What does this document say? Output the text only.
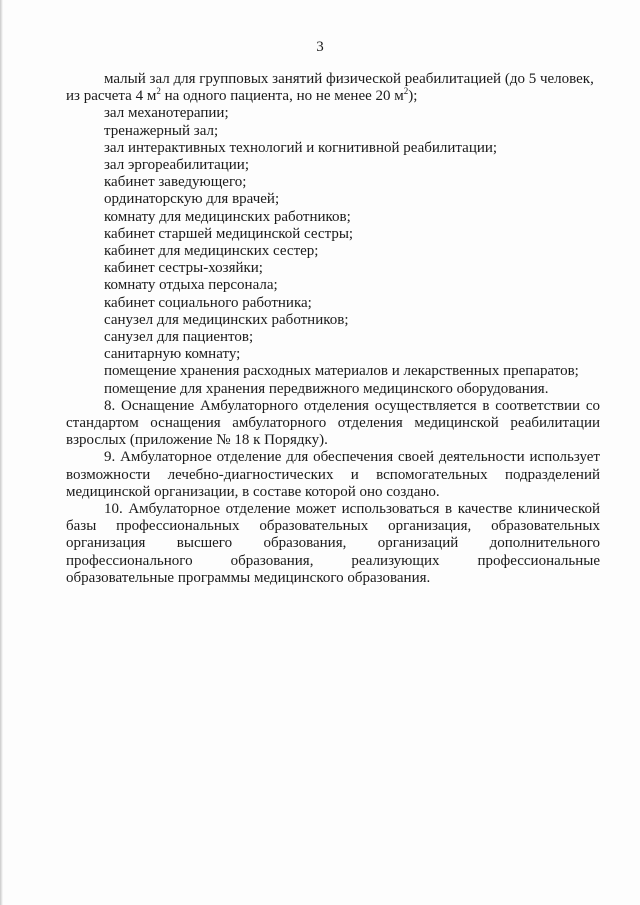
3

малый зал для групповых занятий физической реабилитацией (до 5 человек, из расчета 4 $м^2$ на одного пациента, но не менее 20 $м^2$);

зал механотерапии;

тренажерный зал;

зал интерактивных технологий и когнитивной реабилитации;

зал эргореабилитации;

кабинет заведующего;

ординаторскую для врачей;

комнату для медицинских работников;

кабинет старшей медицинской сестры;

кабинет для медицинских сестер;

кабинет сестры-хозяйки;

комнату отдыха персонала;

кабинет социального работника;

санузел для медицинских работников;

санузел для пациентов;

санитарную комнату;

помещение хранения расходных материалов и лекарственных препаратов;

помещение для хранения передвижного медицинского оборудования.

8. Оснащение Амбулаторного отделения осуществляется в соответствии со стандартом оснащения амбулаторного отделения медицинской реабилитации взрослых (приложение № 18 к Порядку).

9. Амбулаторное отделение для обеспечения своей деятельности использует возможности лечебно-диагностических и вспомогательных подразделений медицинской организации, в составе которой оно создано.

10. Амбулаторное отделение может использоваться в качестве клинической базы профессиональных образовательных организация, образовательных организация высшего образования, организаций дополнительного профессионального образования, реализующих профессиональные образовательные программы медицинского образования.
